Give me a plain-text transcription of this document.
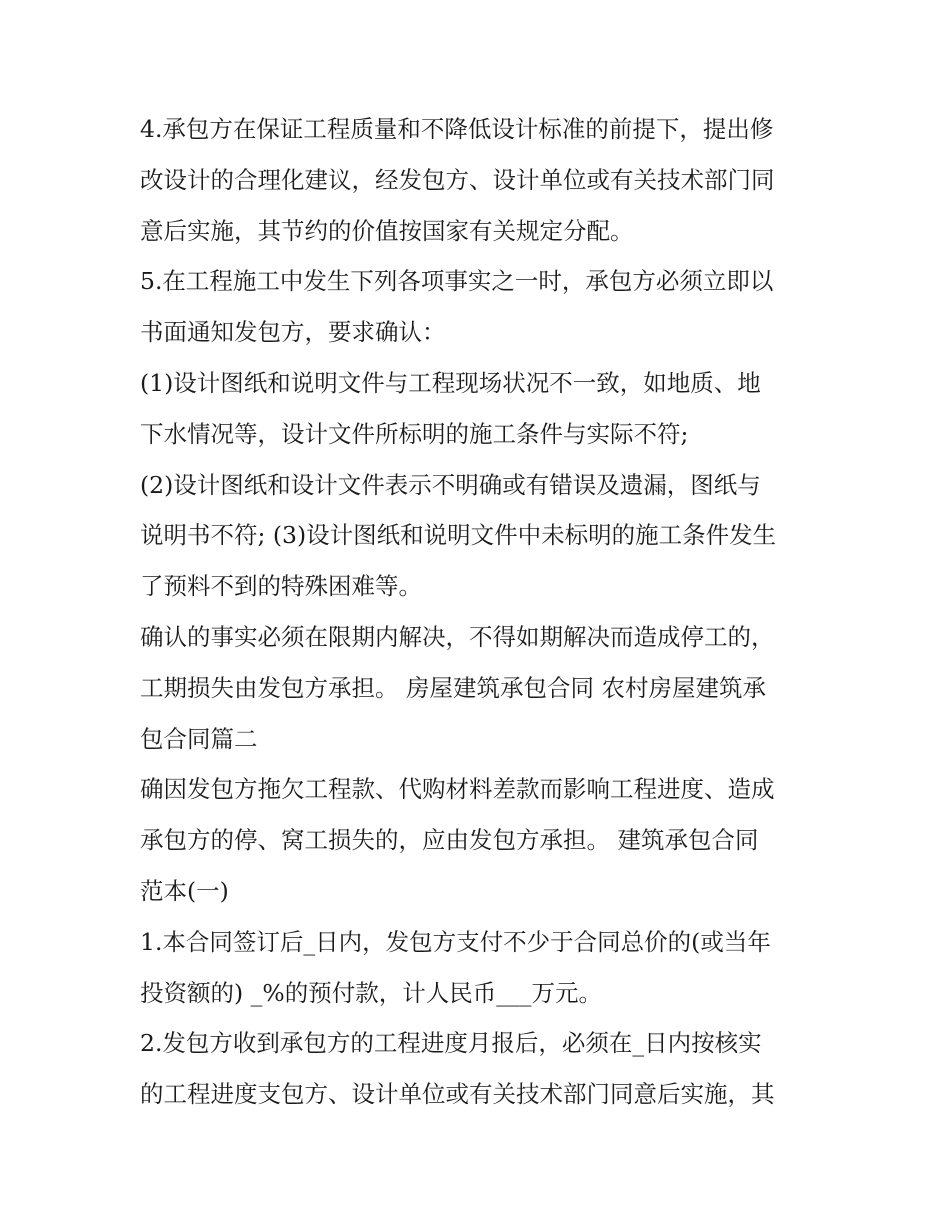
4.承包方在保证工程质量和不降低设计标准的前提下，提出修
改设计的合理化建议，经发包方、设计单位或有关技术部门同
意后实施，其节约的价值按国家有关规定分配。
5.在工程施工中发生下列各项事实之一时，承包方必须立即以
书面通知发包方，要求确认：
(1)设计图纸和说明文件与工程现场状况不一致，如地质、地
下水情况等，设计文件所标明的施工条件与实际不符;
(2)设计图纸和设计文件表示不明确或有错误及遗漏，图纸与
说明书不符; (3)设计图纸和说明文件中未标明的施工条件发生
了预料不到的特殊困难等。
确认的事实必须在限期内解决，不得如期解决而造成停工的，
工期损失由发包方承担。 房屋建筑承包合同 农村房屋建筑承
包合同篇二
确因发包方拖欠工程款、代购材料差款而影响工程进度、造成
承包方的停、窝工损失的，应由发包方承担。 建筑承包合同
范本(一)
1.本合同签订后_日内，发包方支付不少于合同总价的(或当年
投资额的) _%的预付款，计人民币___万元。
2.发包方收到承包方的工程进度月报后，必须在_日内按核实
的工程进度支包方、设计单位或有关技术部门同意后实施，其
